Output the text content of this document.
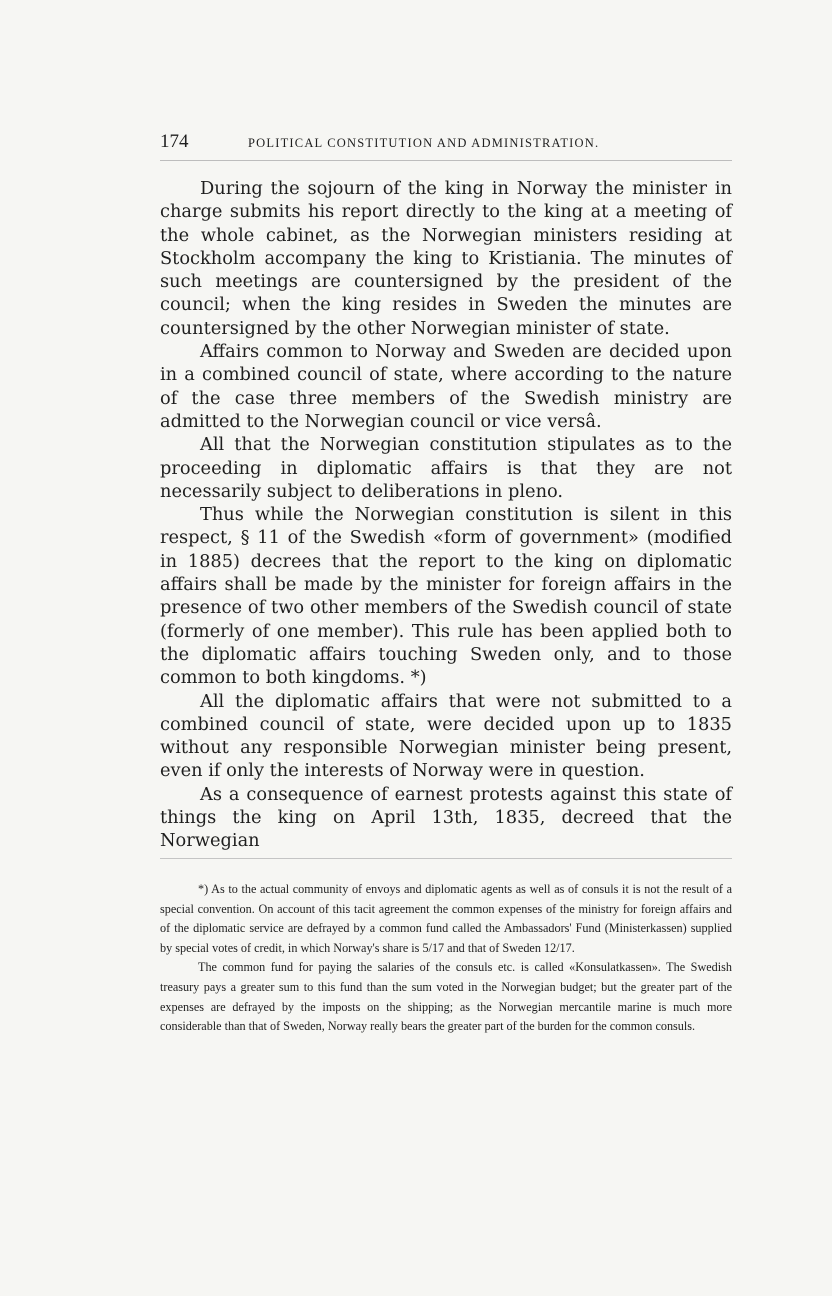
174	POLITICAL CONSTITUTION AND ADMINISTRATION.

During the sojourn of the king in Norway the minister in charge submits his report directly to the king at a meeting of the whole cabinet, as the Norwegian ministers residing at Stockholm accompany the king to Kristiania. The minutes of such meetings are countersigned by the president of the council; when the king resides in Sweden the minutes are countersigned by the other Norwegian minister of state.

Affairs common to Norway and Sweden are decided upon in a combined council of state, where according to the nature of the case three members of the Swedish ministry are admitted to the Norwegian council or vice versâ.

All that the Norwegian constitution stipulates as to the proceeding in diplomatic affairs is that they are not necessarily subject to deliberations in pleno.

Thus while the Norwegian constitution is silent in this respect, § 11 of the Swedish «form of government» (modified in 1885) decrees that the report to the king on diplomatic affairs shall be made by the minister for foreign affairs in the presence of two other members of the Swedish council of state (formerly of one member). This rule has been applied both to the diplomatic affairs touching Sweden only, and to those common to both kingdoms. *)

All the diplomatic affairs that were not submitted to a combined council of state, were decided upon up to 1835 without any responsible Norwegian minister being present, even if only the interests of Norway were in question.

As a consequence of earnest protests against this state of things the king on April 13th, 1835, decreed that the Norwegian

*) As to the actual community of envoys and diplomatic agents as well as of consuls it is not the result of a special convention. On account of this tacit agreement the common expenses of the ministry for foreign affairs and of the diplomatic service are defrayed by a common fund called the Ambassadors' Fund (Ministerkassen) supplied by special votes of credit, in which Norway's share is 5/17 and that of Sweden 12/17.

The common fund for paying the salaries of the consuls etc. is called «Konsulatkassen». The Swedish treasury pays a greater sum to this fund than the sum voted in the Norwegian budget; but the greater part of the expenses are defrayed by the imposts on the shipping; as the Norwegian mercantile marine is much more considerable than that of Sweden, Norway really bears the greater part of the burden for the common consuls.
